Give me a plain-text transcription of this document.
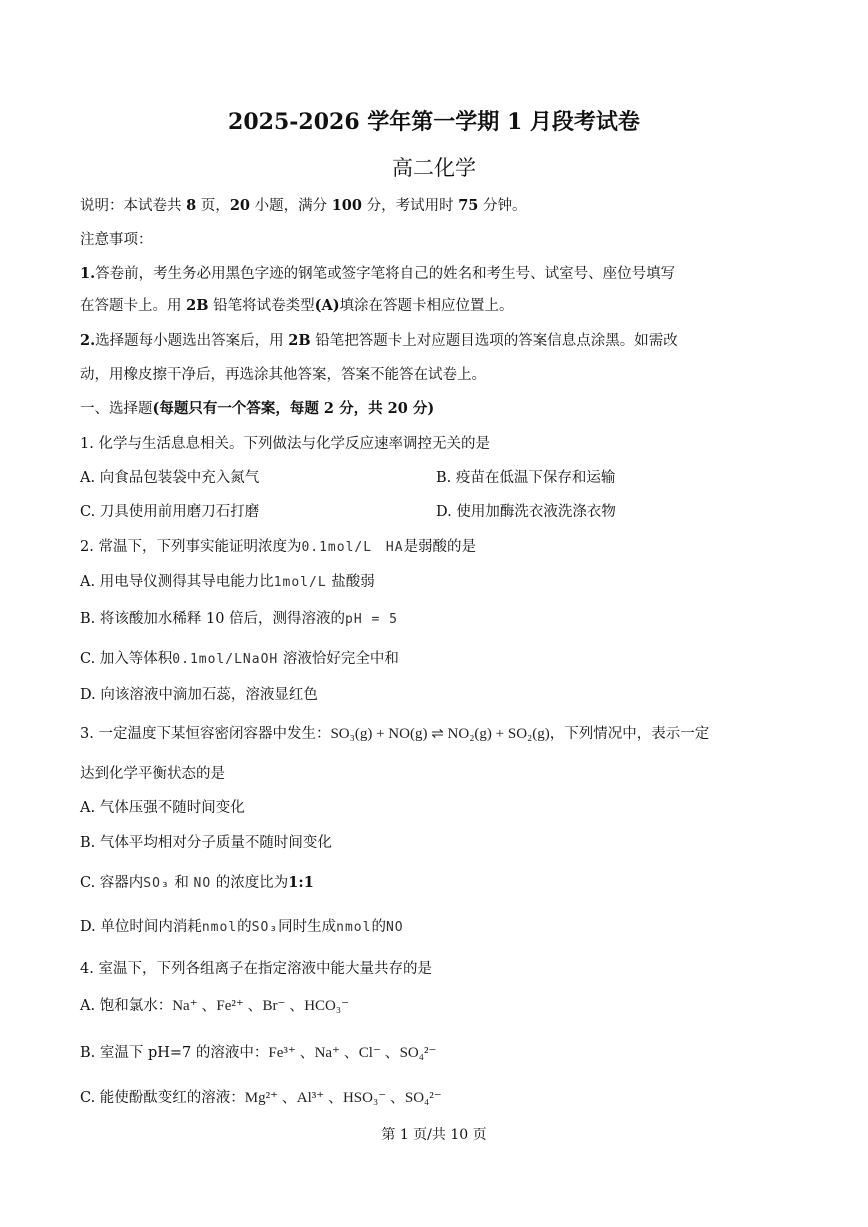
2025-2026 学年第一学期 1 月段考试卷
高二化学
说明：本试卷共 8 页，20 小题，满分 100 分，考试用时 75 分钟。
注意事项：
1.答卷前，考生务必用黑色字迹的钢笔或签字笔将自己的姓名和考生号、试室号、座位号填写
在答题卡上。用 2B 铅笔将试卷类型(A)填涂在答题卡相应位置上。
2.选择题每小题选出答案后，用 2B 铅笔把答题卡上对应题目选项的答案信息点涂黑。如需改
动，用橡皮擦干净后，再选涂其他答案，答案不能答在试卷上。
一、选择题(每题只有一个答案，每题 2 分，共 20 分)
1. 化学与生活息息相关。下列做法与化学反应速率调控无关的是
A. 向食品包装袋中充入氮气	B. 疫苗在低温下保存和运输
C. 刀具使用前用磨刀石打磨	D. 使用加酶洗衣液洗涤衣物
2. 常温下，下列事实能证明浓度为0.1mol/L HA是弱酸的是
A. 用电导仪测得其导电能力比1mol/L 盐酸弱
B. 将该酸加水稀释 10 倍后，测得溶液的pH = 5
C. 加入等体积0.1mol/LNaOH 溶液恰好完全中和
D. 向该溶液中滴加石蕊，溶液显红色
3. 一定温度下某恒容密闭容器中发生：SO₃(g) + NO(g) ⇌ NO₂(g) + SO₂(g)，下列情况中，表示一定
达到化学平衡状态的是
A. 气体压强不随时间变化
B. 气体平均相对分子质量不随时间变化
C. 容器内SO₃ 和 NO 的浓度比为1:1
D. 单位时间内消耗nmol的SO₃同时生成nmol的NO
4. 室温下，下列各组离子在指定溶液中能大量共存的是
A. 饱和氯水：Na⁺ 、Fe²⁺ 、Br⁻ 、HCO₃⁻
B. 室温下 pH=7 的溶液中：Fe³⁺ 、Na⁺ 、Cl⁻ 、SO₄²⁻
C. 能使酚酞变红的溶液：Mg²⁺ 、Al³⁺ 、HSO₃⁻ 、SO₄²⁻
第 1 页/共 10 页
